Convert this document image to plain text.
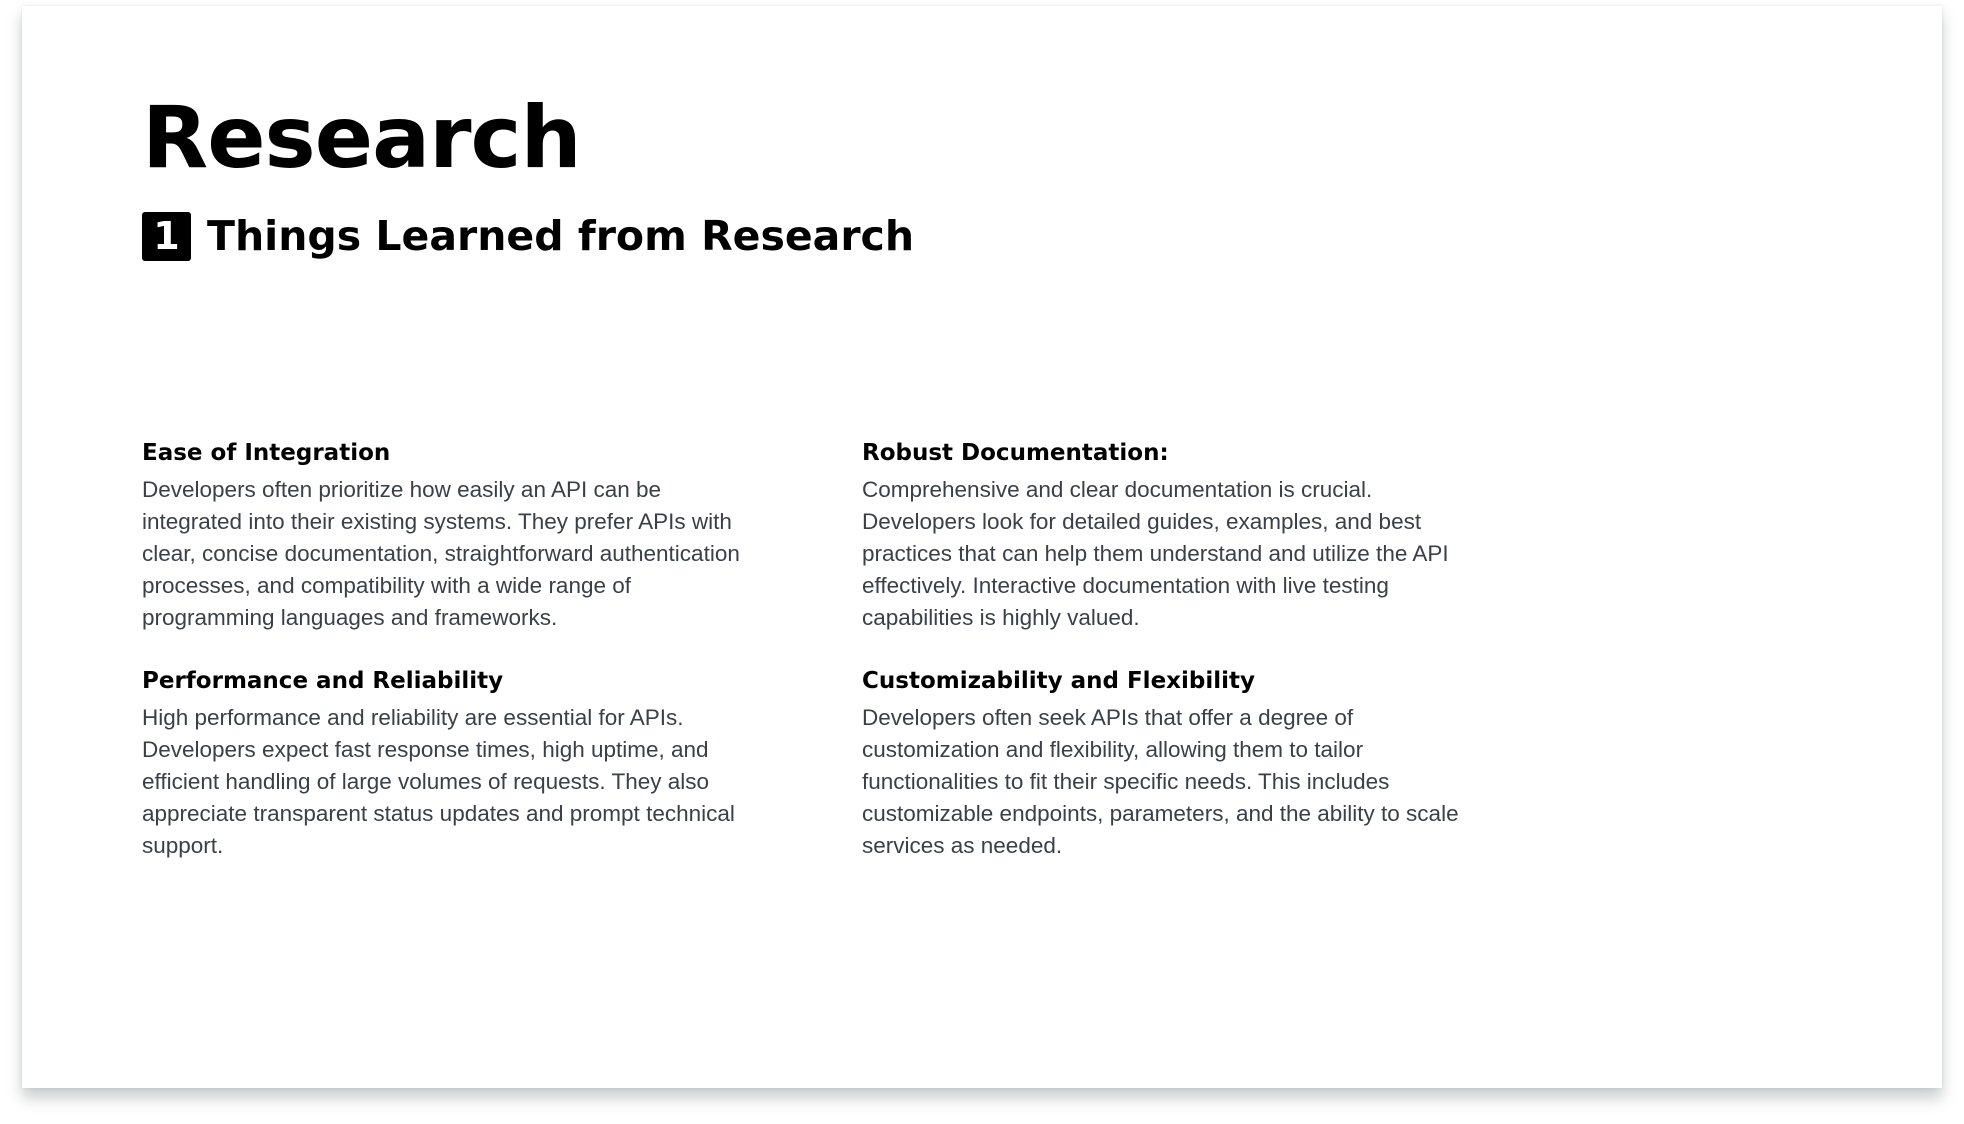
Research
1 Things Learned from Research
Ease of Integration

Developers often prioritize how easily an API can be integrated into their existing systems. They prefer APIs with clear, concise documentation, straightforward authentication processes, and compatibility with a wide range of programming languages and frameworks.

Robust Documentation:

Comprehensive and clear documentation is crucial. Developers look for detailed guides, examples, and best practices that can help them understand and utilize the API effectively. Interactive documentation with live testing capabilities is highly valued.

Performance and Reliability

High performance and reliability are essential for APIs. Developers expect fast response times, high uptime, and efficient handling of large volumes of requests. They also appreciate transparent status updates and prompt technical support.

Customizability and Flexibility

Developers often seek APIs that offer a degree of customization and flexibility, allowing them to tailor functionalities to fit their specific needs. This includes customizable endpoints, parameters, and the ability to scale services as needed.
